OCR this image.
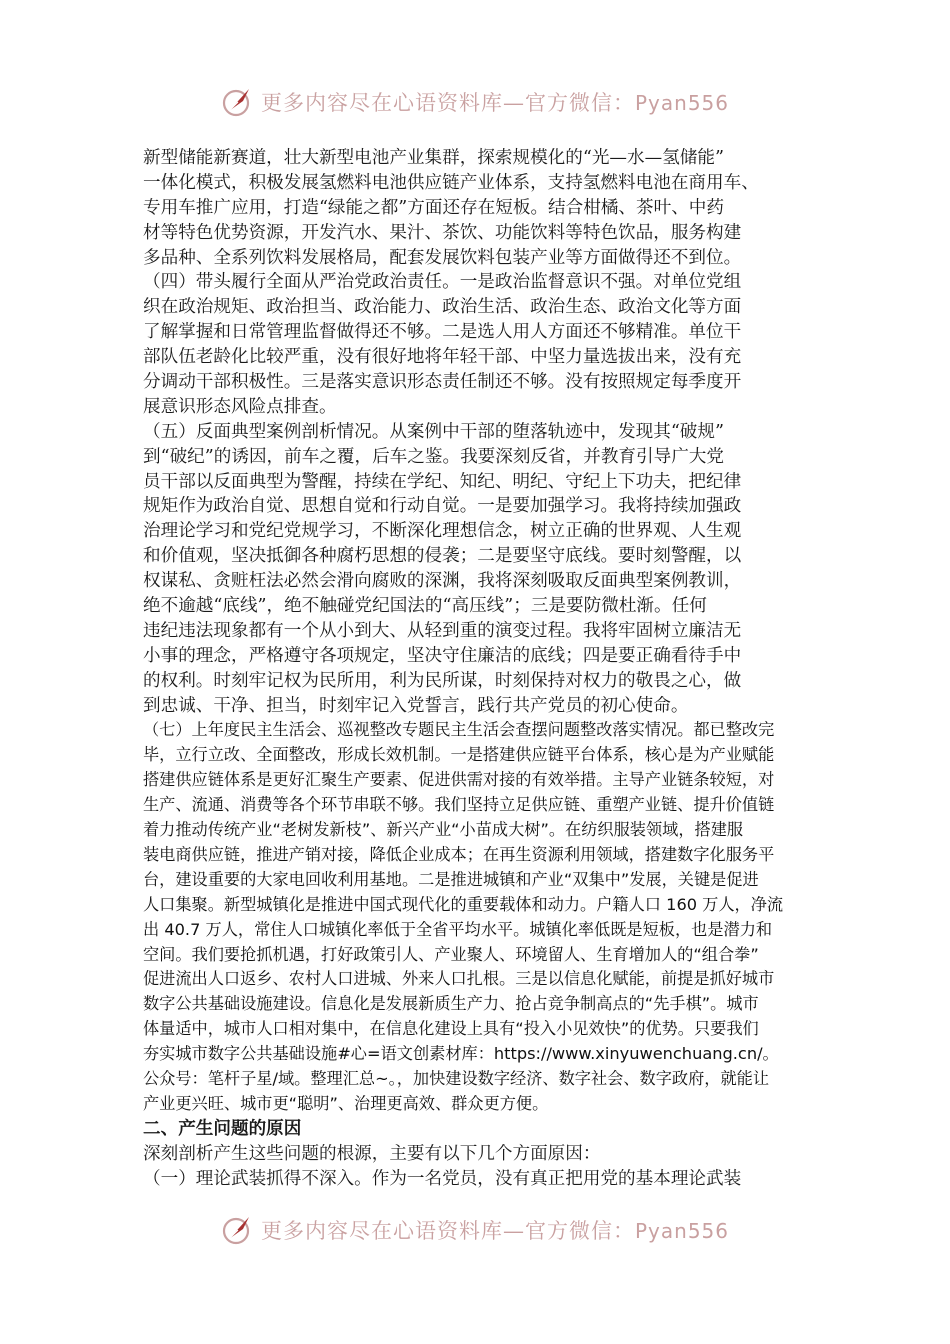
更多内容尽在心语资料库—官方微信：Pyan556
新型储能新赛道，壮大新型电池产业集群，探索规模化的“光—水—氢储能”
一体化模式，积极发展氢燃料电池供应链产业体系，支持氢燃料电池在商用车、
专用车推广应用，打造“绿能之都”方面还存在短板。结合柑橘、茶叶、中药
材等特色优势资源，开发汽水、果汁、茶饮、功能饮料等特色饮品，服务构建
多品种、全系列饮料发展格局，配套发展饮料包装产业等方面做得还不到位。
（四）带头履行全面从严治党政治责任。一是政治监督意识不强。对单位党组
织在政治规矩、政治担当、政治能力、政治生活、政治生态、政治文化等方面
了解掌握和日常管理监督做得还不够。二是选人用人方面还不够精准。单位干
部队伍老龄化比较严重，没有很好地将年轻干部、中坚力量选拔出来，没有充
分调动干部积极性。三是落实意识形态责任制还不够。没有按照规定每季度开
展意识形态风险点排查。
（五）反面典型案例剖析情况。从案例中干部的堕落轨迹中，发现其“破规”
到“破纪”的诱因，前车之覆，后车之鉴。我要深刻反省，并教育引导广大党
员干部以反面典型为警醒，持续在学纪、知纪、明纪、守纪上下功夫，把纪律
规矩作为政治自觉、思想自觉和行动自觉。一是要加强学习。我将持续加强政
治理论学习和党纪党规学习，不断深化理想信念，树立正确的世界观、人生观
和价值观，坚决抵御各种腐朽思想的侵袭；二是要坚守底线。要时刻警醒，以
权谋私、贪赃枉法必然会滑向腐败的深渊，我将深刻吸取反面典型案例教训，
绝不逾越“底线”，绝不触碰党纪国法的“高压线”；三是要防微杜渐。任何
违纪违法现象都有一个从小到大、从轻到重的演变过程。我将牢固树立廉洁无
小事的理念，严格遵守各项规定，坚决守住廉洁的底线；四是要正确看待手中
的权利。时刻牢记权为民所用，利为民所谋，时刻保持对权力的敬畏之心，做
到忠诚、干净、担当，时刻牢记入党誓言，践行共产党员的初心使命。
（七）上年度民主生活会、巡视整改专题民主生活会查摆问题整改落实情况。都已整改完
毕，立行立改、全面整改，形成长效机制。一是搭建供应链平台体系，核心是为产业赋能
搭建供应链体系是更好汇聚生产要素、促进供需对接的有效举措。主导产业链条较短，对
生产、流通、消费等各个环节串联不够。我们坚持立足供应链、重塑产业链、提升价值链
着力推动传统产业“老树发新枝”、新兴产业“小苗成大树”。在纺织服装领域，搭建服
装电商供应链，推进产销对接，降低企业成本；在再生资源利用领域，搭建数字化服务平
台，建设重要的大家电回收利用基地。二是推进城镇和产业“双集中”发展，关键是促进
人口集聚。新型城镇化是推进中国式现代化的重要载体和动力。户籍人口 160 万人，净流
出 40.7 万人，常住人口城镇化率低于全省平均水平。城镇化率低既是短板，也是潜力和
空间。我们要抢抓机遇，打好政策引人、产业聚人、环境留人、生育增加人的“组合拳”
促进流出人口返乡、农村人口进城、外来人口扎根。三是以信息化赋能，前提是抓好城市
数字公共基础设施建设。信息化是发展新质生产力、抢占竞争制高点的“先手棋”。城市
体量适中，城市人口相对集中，在信息化建设上具有“投入小见效快”的优势。只要我们
夯实城市数字公共基础设施#心=语文创素材库：https://www.xinyuwenchuang.cn/。
公众号：笔杆子星/域。整理汇总~。，加快建设数字经济、数字社会、数字政府，就能让
产业更兴旺、城市更“聪明”、治理更高效、群众更方便。
二、产生问题的原因
深刻剖析产生这些问题的根源，主要有以下几个方面原因：
（一）理论武装抓得不深入。作为一名党员，没有真正把用党的基本理论武装
更多内容尽在心语资料库—官方微信：Pyan556
